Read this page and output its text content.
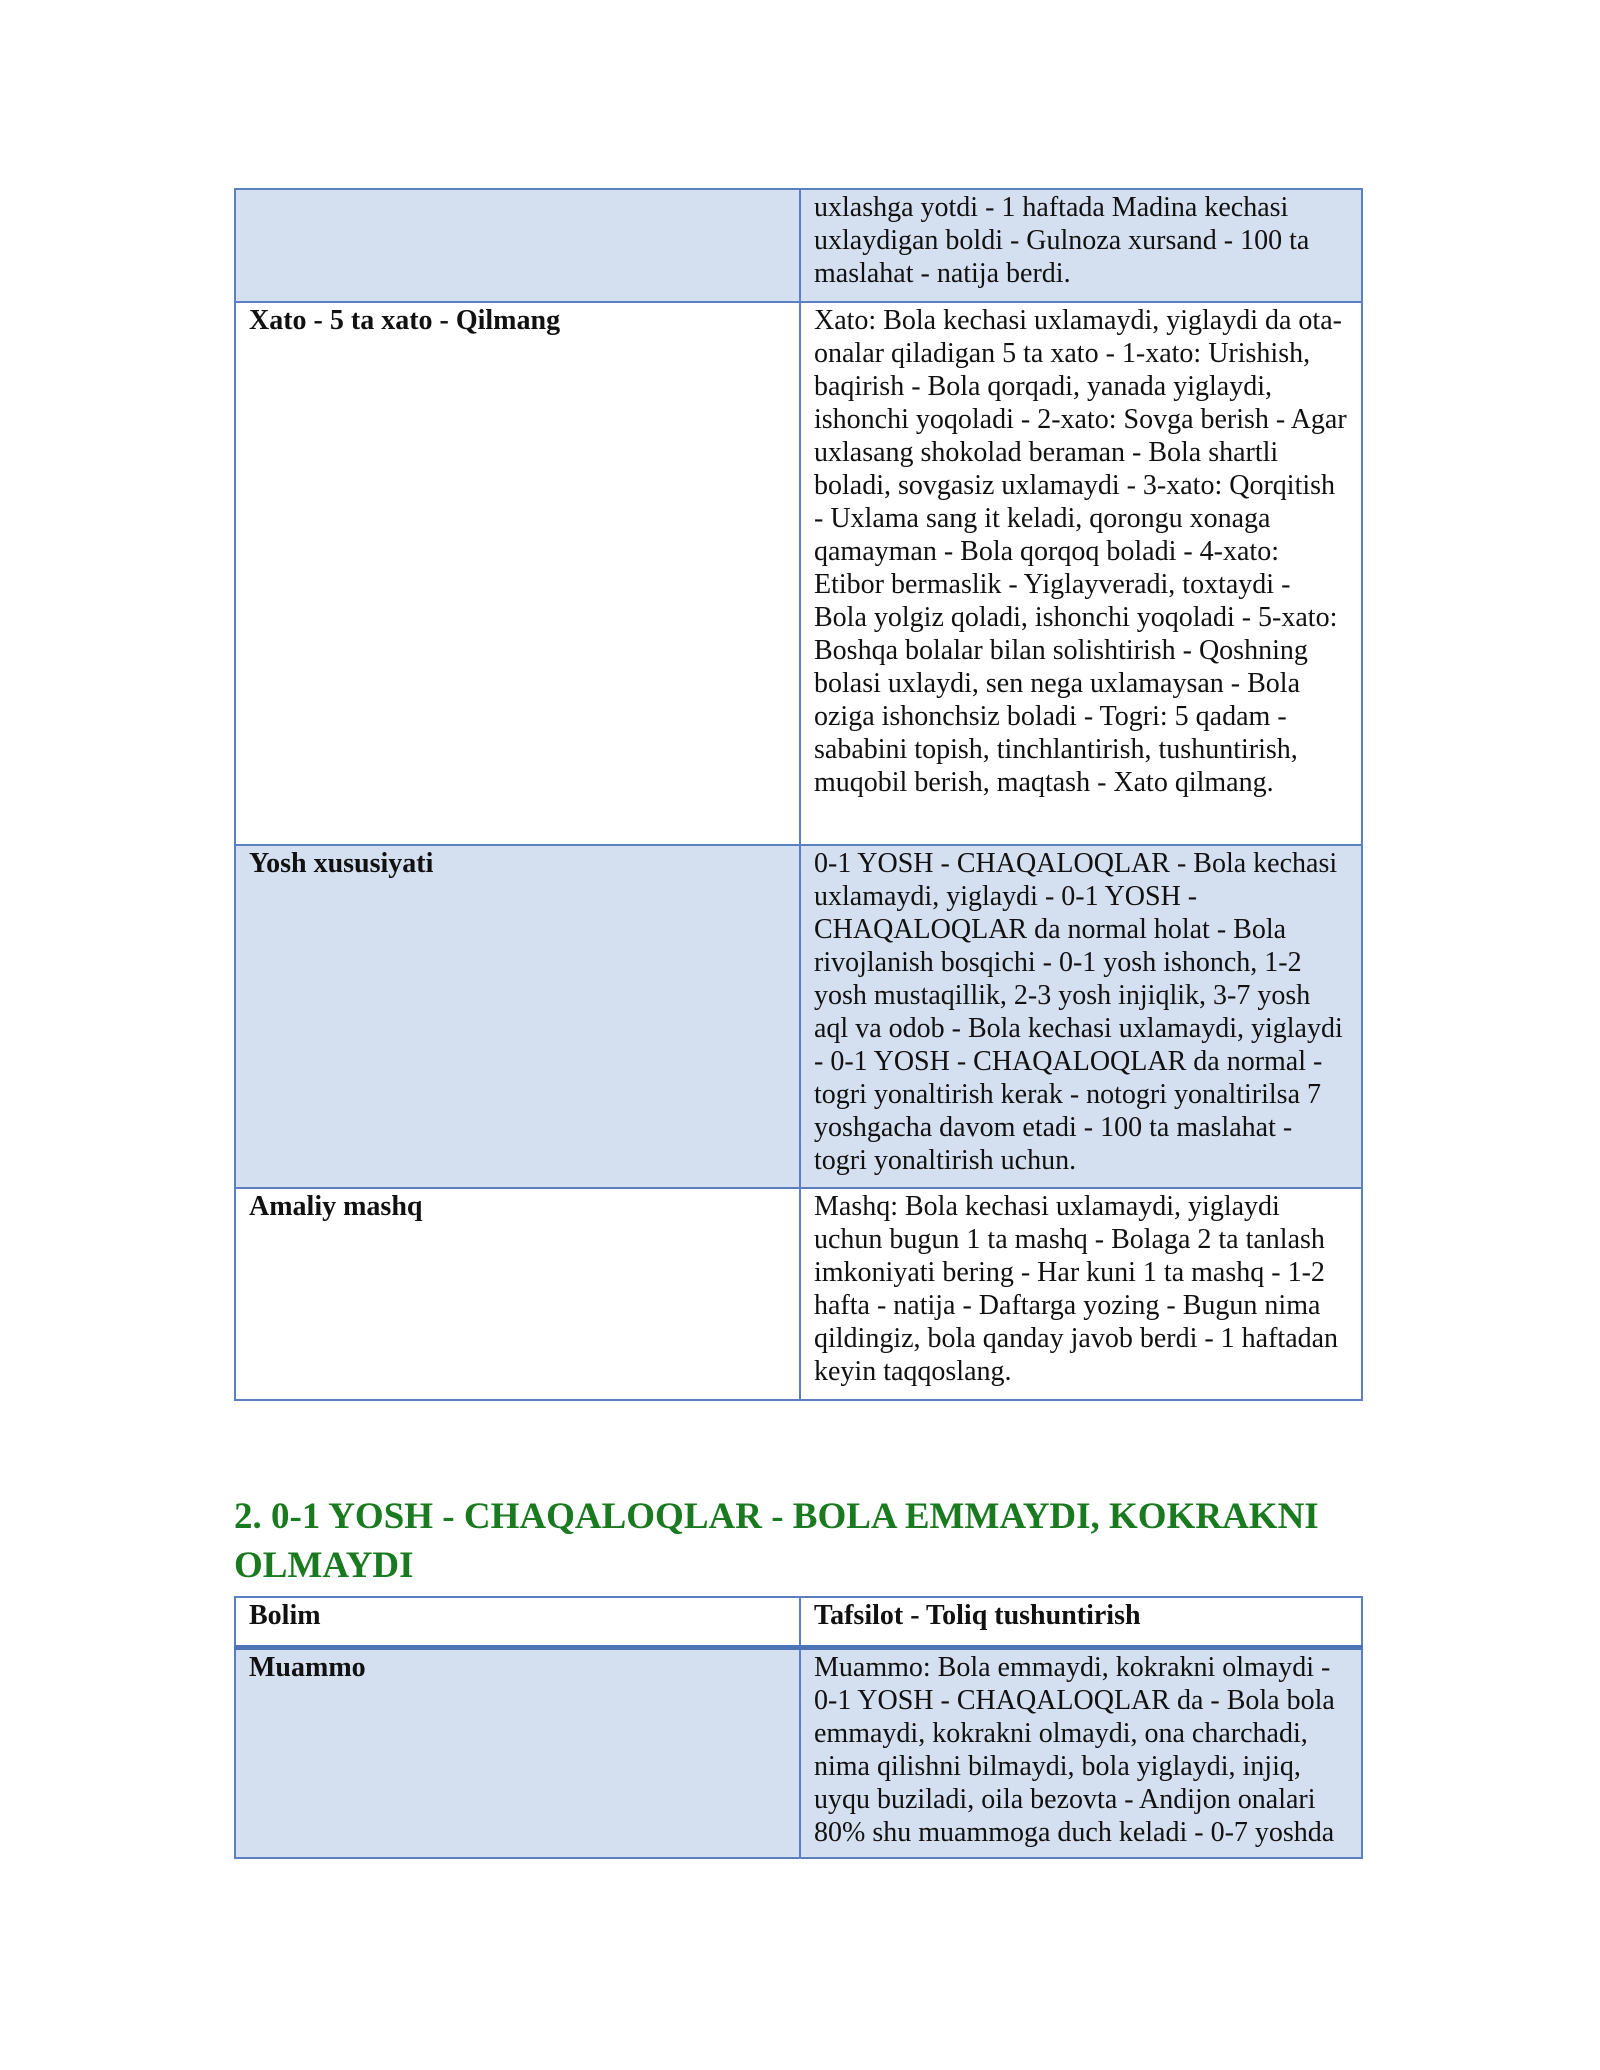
	uxlashga yotdi - 1 haftada Madina kechasi uxlaydigan boldi - Gulnoza xursand - 100 ta maslahat - natija berdi.
Xato - 5 ta xato - Qilmang	Xato: Bola kechasi uxlamaydi, yiglaydi da ota-onalar qiladigan 5 ta xato - 1-xato: Urishish, baqirish - Bola qorqadi, yanada yiglaydi, ishonchi yoqoladi - 2-xato: Sovga berish - Agar uxlasang shokolad beraman - Bola shartli boladi, sovgasiz uxlamaydi - 3-xato: Qorqitish - Uxlama sang it keladi, qorongu xonaga qamayman - Bola qorqoq boladi - 4-xato: Etibor bermaslik - Yiglayveradi, toxtaydi - Bola yolgiz qoladi, ishonchi yoqoladi - 5-xato: Boshqa bolalar bilan solishtirish - Qoshning bolasi uxlaydi, sen nega uxlamaysan - Bola oziga ishonchsiz boladi - Togri: 5 qadam - sababini topish, tinchlantirish, tushuntirish, muqobil berish, maqtash - Xato qilmang.
Yosh xususiyati	0-1 YOSH - CHAQALOQLAR - Bola kechasi uxlamaydi, yiglaydi - 0-1 YOSH - CHAQALOQLAR da normal holat - Bola rivojlanish bosqichi - 0-1 yosh ishonch, 1-2 yosh mustaqillik, 2-3 yosh injiqlik, 3-7 yosh aql va odob - Bola kechasi uxlamaydi, yiglaydi - 0-1 YOSH - CHAQALOQLAR da normal - togri yonaltirish kerak - notogri yonaltirilsa 7 yoshgacha davom etadi - 100 ta maslahat - togri yonaltirish uchun.
Amaliy mashq	Mashq: Bola kechasi uxlamaydi, yiglaydi uchun bugun 1 ta mashq - Bolaga 2 ta tanlash imkoniyati bering - Har kuni 1 ta mashq - 1-2 hafta - natija - Daftarga yozing - Bugun nima qildingiz, bola qanday javob berdi - 1 haftadan keyin taqqoslang.
2. 0-1 YOSH - CHAQALOQLAR - BOLA EMMAYDI, KOKRAKNI OLMAYDI
Bolim	Tafsilot - Toliq tushuntirish
Muammo	Muammo: Bola emmaydi, kokrakni olmaydi - 0-1 YOSH - CHAQALOQLAR da - Bola bola emmaydi, kokrakni olmaydi, ona charchadi, nima qilishni bilmaydi, bola yiglaydi, injiq, uyqu buziladi, oila bezovta - Andijon onalari 80% shu muammoga duch keladi - 0-7 yoshda
